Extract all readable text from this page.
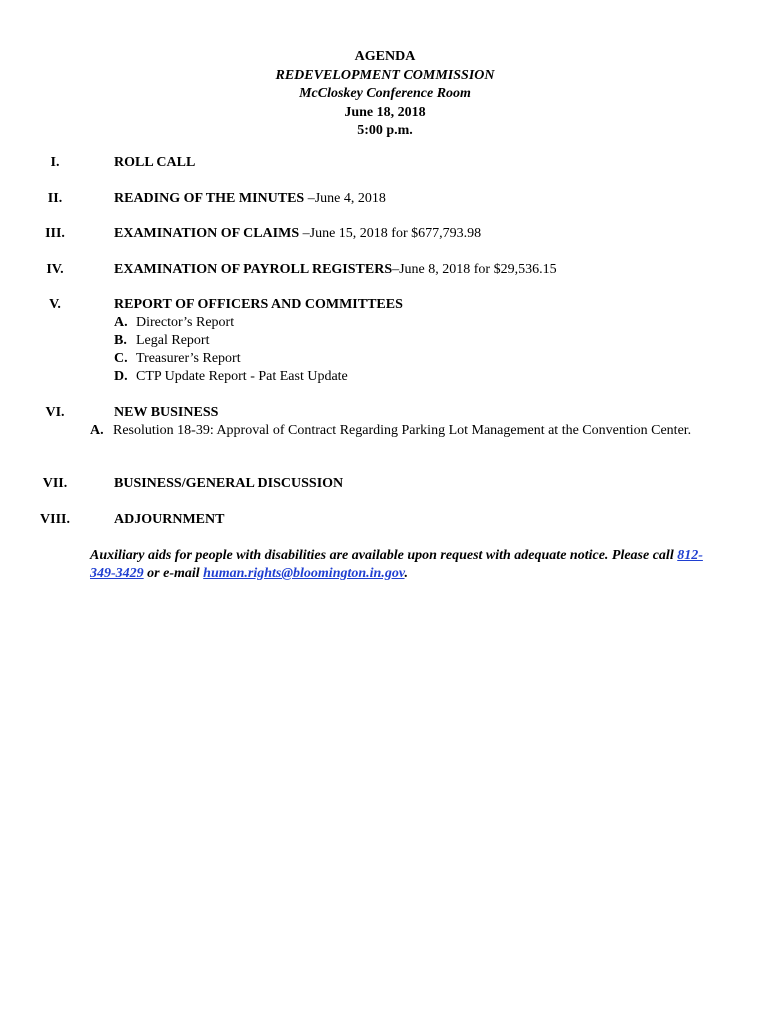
AGENDA
REDEVELOPMENT COMMISSION
McCloskey Conference Room
June 18, 2018
5:00 p.m.
I.	ROLL CALL
II.	READING OF THE MINUTES –June 4, 2018
III.	EXAMINATION OF CLAIMS –June 15, 2018 for $677,793.98
IV.	EXAMINATION OF PAYROLL REGISTERS–June 8, 2018 for $29,536.15
V.	REPORT OF OFFICERS AND COMMITTEES
A. Director’s Report
B. Legal Report
C. Treasurer’s Report
D. CTP Update Report - Pat East Update
VI.	NEW BUSINESS
A. Resolution 18-39: Approval of Contract Regarding Parking Lot Management at the Convention Center.
VII.	BUSINESS/GENERAL DISCUSSION
VIII.	ADJOURNMENT
Auxiliary aids for people with disabilities are available upon request with adequate notice. Please call 812-349-3429 or e-mail human.rights@bloomington.in.gov.
